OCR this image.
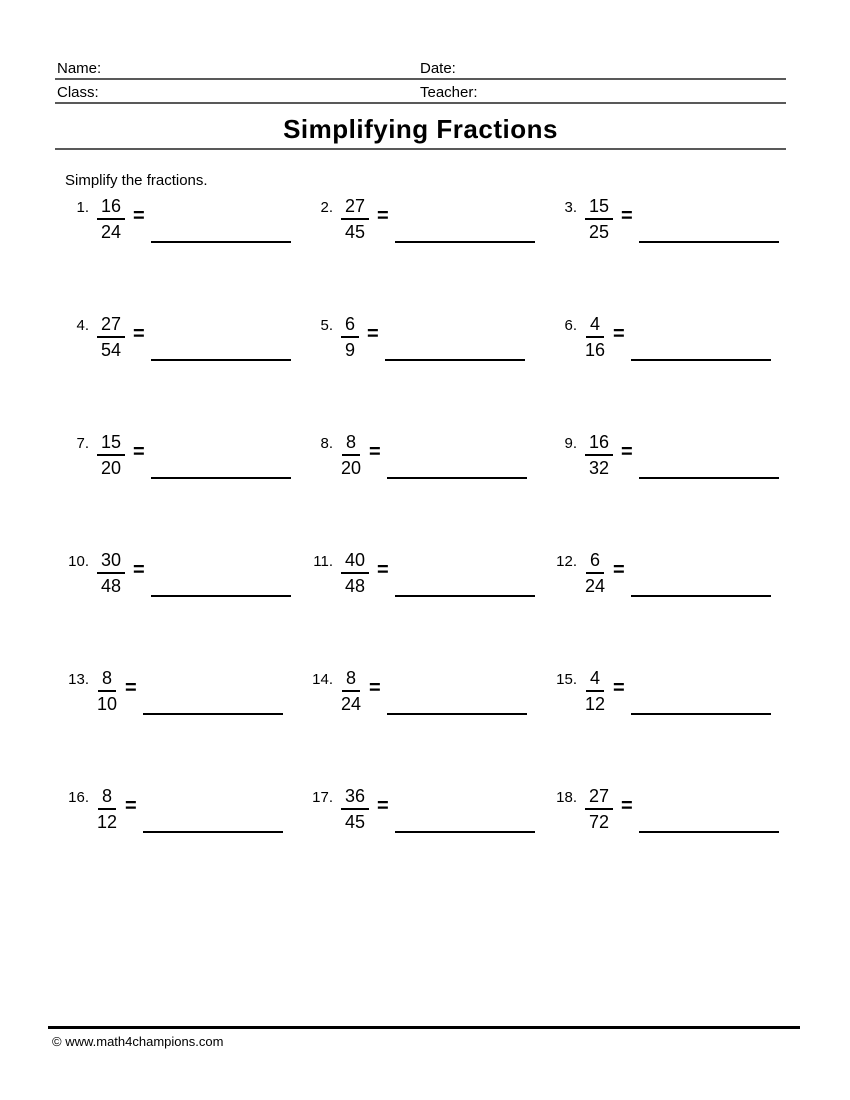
Name:	Date:
Class:	Teacher:
Simplifying Fractions

Simplify the fractions.

1. $\frac{16}{24}$ =	2. $\frac{27}{45}$ =	3. $\frac{15}{25}$ =
4. $\frac{27}{54}$ =	5. $\frac{6}{9}$ =	6. $\frac{4}{16}$ =
7. $\frac{15}{20}$ =	8. $\frac{8}{20}$ =	9. $\frac{16}{32}$ =
10. $\frac{30}{48}$ =	11. $\frac{40}{48}$ =	12. $\frac{6}{24}$ =
13. $\frac{8}{10}$ =	14. $\frac{8}{24}$ =	15. $\frac{4}{12}$ =
16. $\frac{8}{12}$ =	17. $\frac{36}{45}$ =	18. $\frac{27}{72}$ =
© www.math4champions.com
